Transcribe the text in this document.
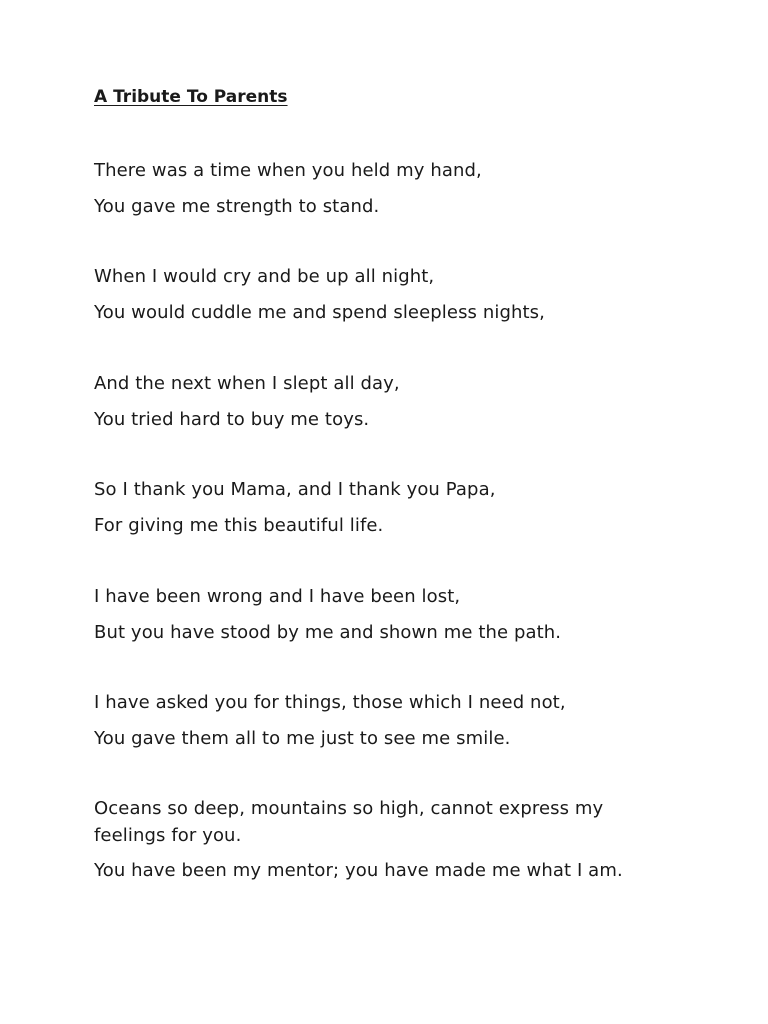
A Tribute To Parents
There was a time when you held my hand,
You gave me strength to stand.
When I would cry and be up all night,
You would cuddle me and spend sleepless nights,
And the next when I slept all day,
You tried hard to buy me toys.
So I thank you Mama, and I thank you Papa,
For giving me this beautiful life.
I have been wrong and I have been lost,
But you have stood by me and shown me the path.
I have asked you for things, those which I need not,
You gave them all to me just to see me smile.
Oceans so deep, mountains so high, cannot express my feelings for you.
You have been my mentor; you have made me what I am.
